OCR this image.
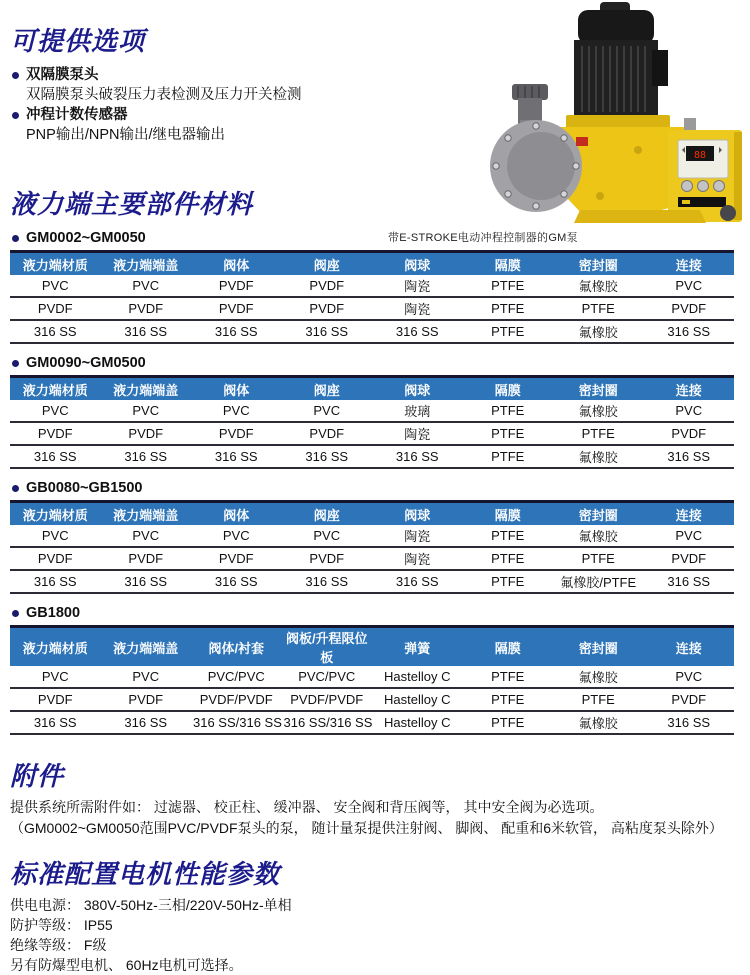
88
带E-STROKE电动冲程控制器的GM泵
可提供选项
双隔膜泵头
双隔膜泵头破裂压力表检测及压力开关检测
冲程计数传感器
PNP输出/NPN输出/继电器输出
液力端主要部件材料
GM0002~GM0050
液力端材质	液力端端盖	阀体	阀座	阀球	隔膜	密封圈	连接
PVC	PVC	PVDF	PVDF	陶瓷	PTFE	氟橡胶	PVC
PVDF	PVDF	PVDF	PVDF	陶瓷	PTFE	PTFE	PVDF
316 SS	316 SS	316 SS	316 SS	316 SS	PTFE	氟橡胶	316 SS
GM0090~GM0500
液力端材质	液力端端盖	阀体	阀座	阀球	隔膜	密封圈	连接
PVC	PVC	PVC	PVC	玻璃	PTFE	氟橡胶	PVC
PVDF	PVDF	PVDF	PVDF	陶瓷	PTFE	PTFE	PVDF
316 SS	316 SS	316 SS	316 SS	316 SS	PTFE	氟橡胶	316 SS
GB0080~GB1500
液力端材质	液力端端盖	阀体	阀座	阀球	隔膜	密封圈	连接
PVC	PVC	PVC	PVC	陶瓷	PTFE	氟橡胶	PVC
PVDF	PVDF	PVDF	PVDF	陶瓷	PTFE	PTFE	PVDF
316 SS	316 SS	316 SS	316 SS	316 SS	PTFE	氟橡胶/PTFE	316 SS
GB1800
液力端材质	液力端端盖	阀体/衬套	阀板/升程限位板	弹簧	隔膜	密封圈	连接
PVC	PVC	PVC/PVC	PVC/PVC	Hastelloy C	PTFE	氟橡胶	PVC
PVDF	PVDF	PVDF/PVDF	PVDF/PVDF	Hastelloy C	PTFE	PTFE	PVDF
316 SS	316 SS	316 SS/316 SS	316 SS/316 SS	Hastelloy C	PTFE	氟橡胶	316 SS
附件
提供系统所需附件如： 过滤器、 校正柱、 缓冲器、 安全阀和背压阀等， 其中安全阀为必选项。
（GM0002~GM0050范围PVC/PVDF泵头的泵， 随计量泵提供注射阀、 脚阀、 配重和6米软管， 高粘度泵头除外）
标准配置电机性能参数
供电电源： 380V-50Hz-三相/220V-50Hz-单相
防护等级： IP55
绝缘等级： F级
另有防爆型电机、 60Hz电机可选择。
